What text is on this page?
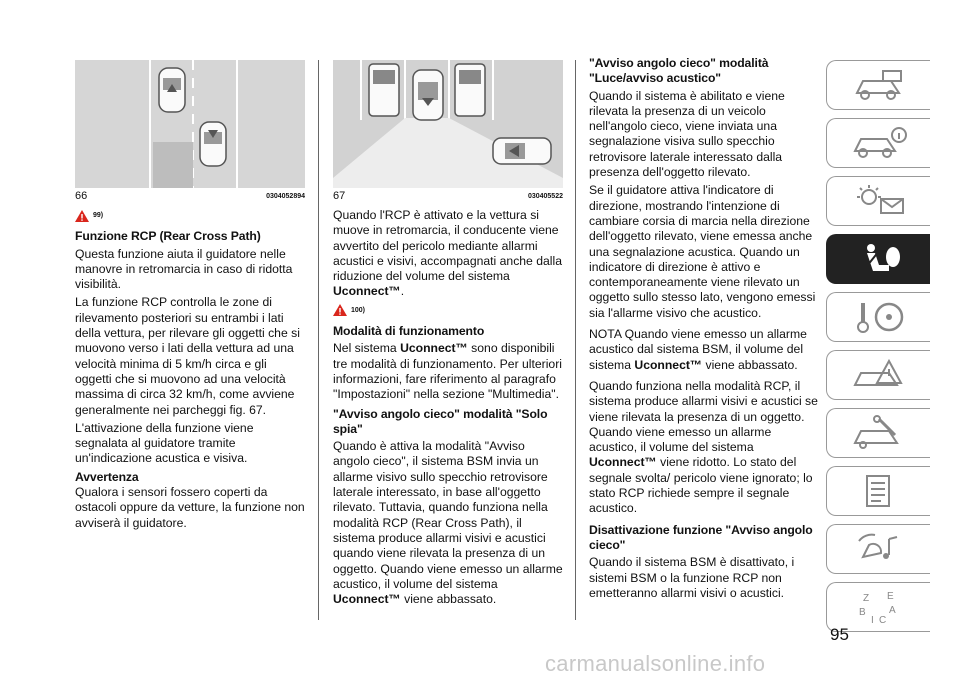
66	0304052894
99)
Funzione RCP (Rear Cross Path)

Questa funzione aiuta il guidatore nelle manovre in retromarcia in caso di ridotta visibilità.

La funzione RCP controlla le zone di rilevamento posteriori su entrambi i lati della vettura, per rilevare gli oggetti che si muovono verso i lati della vettura ad una velocità minima di 5 km/h circa e gli oggetti che si muovono ad una velocità massima di circa 32 km/h, come avviene generalmente nei parcheggi fig. 67.

L'attivazione della funzione viene segnalata al guidatore tramite un'indicazione acustica e visiva.

Avvertenza

Qualora i sensori fossero coperti da ostacoli oppure da vetture, la funzione non avviserà il guidatore.

67	030405522

Quando l'RCP è attivato e la vettura si muove in retromarcia, il conducente viene avvertito del pericolo mediante allarmi acustici e visivi, accompagnati anche dalla riduzione del volume del sistema Uconnect™.

100)
Modalità di funzionamento

Nel sistema Uconnect™ sono disponibili tre modalità di funzionamento. Per ulteriori informazioni, fare riferimento al paragrafo "Impostazioni" nella sezione "Multimedia".

"Avviso angolo cieco" modalità "Solo spia"

Quando è attiva la modalità "Avviso angolo cieco", il sistema BSM invia un allarme visivo sullo specchio retrovisore laterale interessato, in base all'oggetto rilevato. Tuttavia, quando funziona nella modalità RCP (Rear Cross Path), il sistema produce allarmi visivi e acustici quando viene rilevata la presenza di un oggetto. Quando viene emesso un allarme acustico, il volume del sistema Uconnect™ viene abbassato.

"Avviso angolo cieco" modalità "Luce/avviso acustico"

Quando il sistema è abilitato e viene rilevata la presenza di un veicolo nell'angolo cieco, viene inviata una segnalazione visiva sullo specchio retrovisore laterale interessato dalla presenza dell'oggetto rilevato.

Se il guidatore attiva l'indicatore di direzione, mostrando l'intenzione di cambiare corsia di marcia nella direzione dell'oggetto rilevato, viene emessa anche una segnalazione acustica. Quando un indicatore di direzione è attivo e contemporaneamente viene rilevato un oggetto sullo stesso lato, vengono emessi sia l'allarme visivo che acustico.

NOTA Quando viene emesso un allarme acustico dal sistema BSM, il volume del sistema Uconnect™ viene abbassato.

Quando funziona nella modalità RCP, il sistema produce allarmi visivi e acustici se viene rilevata la presenza di un oggetto. Quando viene emesso un allarme acustico, il volume del sistema Uconnect™ viene ridotto. Lo stato del segnale svolta/ pericolo viene ignorato; lo stato RCP richiede sempre il segnale acustico.

Disattivazione funzione "Avviso angolo cieco"

Quando il sistema BSM è disattivato, i sistemi BSM o la funzione RCP non emetteranno allarmi visivi o acustici.	Z E
B A
I C
95
carmanualsonline.info
